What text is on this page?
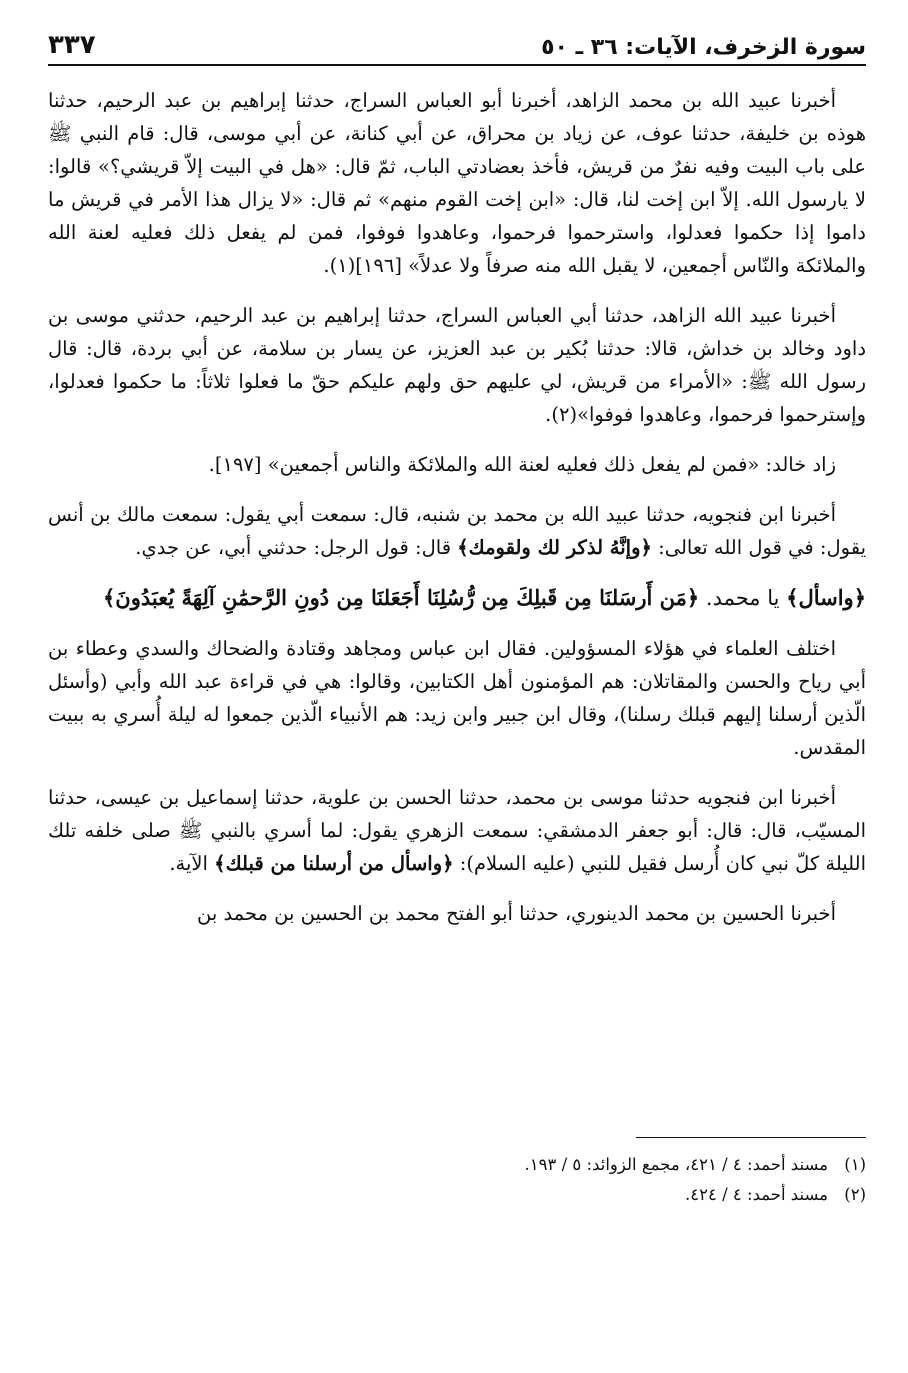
سورة الزخرف، الآيات: ٣٦ ـ ٥٠
٣٣٧

أخبرنا عبيد الله بن محمد الزاهد، أخبرنا أبو العباس السراج، حدثنا إبراهيم بن عبد الرحيم، حدثنا هوذه بن خليفة، حدثنا عوف، عن زياد بن محراق، عن أبي كنانة، عن أبي موسى، قال: قام النبي ﷺ على باب البيت وفيه نفرٌ من قريش، فأخذ بعضادتي الباب، ثمّ قال: «هل في البيت إلاّ قريشي؟» قالوا: لا يارسول الله. إلاّ ابن إخت لنا، قال: «ابن إخت القوم منهم» ثم قال: «لا يزال هذا الأمر في قريش ما داموا إذا حكموا فعدلوا، واسترحموا فرحموا، وعاهدوا فوفوا، فمن لم يفعل ذلك فعليه لعنة الله والملائكة والنّاس أجمعين، لا يقبل الله منه صرفاً ولا عدلاً» [١٩٦](١).

أخبرنا عبيد الله الزاهد، حدثنا أبي العباس السراج، حدثنا إبراهيم بن عبد الرحيم، حدثني موسى بن داود وخالد بن خداش، قالا: حدثنا بُكير بن عبد العزيز، عن يسار بن سلامة، عن أبي بردة، قال: قال رسول الله ﷺ: «الأمراء من قريش، لي عليهم حق ولهم عليكم حقّ ما فعلوا ثلاثاً: ما حكموا فعدلوا، وإسترحموا فرحموا، وعاهدوا فوفوا»(٢).

زاد خالد: «فمن لم يفعل ذلك فعليه لعنة الله والملائكة والناس أجمعين» [١٩٧].

أخبرنا ابن فنجويه، حدثنا عبيد الله بن محمد بن شنبه، قال: سمعت أبي يقول: سمعت مالك بن أنس يقول: في قول الله تعالى: ﴿وإنَّهُ لذكر لك ولقومك﴾ قال: قول الرجل: حدثني أبي، عن جدي.

﴿واسأل﴾ يا محمد. ﴿مَن أَرسَلنَا مِن قَبلِكَ مِن رُّسُلِنَا أَجَعَلنَا مِن دُونِ الرَّحمَٰنِ آلِهَةً يُعبَدُونَ﴾

اختلف العلماء في هؤلاء المسؤولين. فقال ابن عباس ومجاهد وقتادة والضحاك والسدي وعطاء بن أبي رياح والحسن والمقاتلان: هم المؤمنون أهل الكتابين، وقالوا: هي في قراءة عبد الله وأبي (وأسئل الّذين أرسلنا إليهم قبلك رسلنا)، وقال ابن جبير وابن زيد: هم الأنبياء الّذين جمعوا له ليلة أُسري به ببيت المقدس.

أخبرنا ابن فنجويه حدثنا موسى بن محمد، حدثنا الحسن بن علوية، حدثنا إسماعيل بن عيسى، حدثنا المسيّب، قال: قال: أبو جعفر الدمشقي: سمعت الزهري يقول: لما أسري بالنبي ﷺ صلى خلفه تلك الليلة كلّ نبي كان أُرسل فقيل للنبي (عليه السلام): ﴿واسأل من أرسلنا من قبلك﴾ الآية.

أخبرنا الحسين بن محمد الدينوري، حدثنا أبو الفتح محمد بن الحسين بن محمد بن

(١)
مسند أحمد: ٤ / ٤٢١، مجمع الزوائد: ٥ / ١٩٣.
(٢)
مسند أحمد: ٤ / ٤٢٤.
